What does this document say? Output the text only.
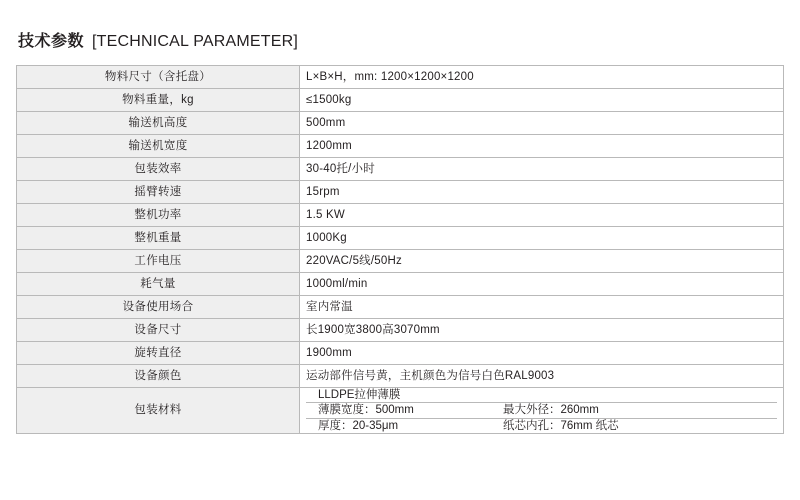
技术参数 [TECHNICAL PARAMETER]
物料尺寸（含托盘）	L×B×H，mm: 1200×1200×1200
物料重量，kg	≤1500kg
输送机高度	500mm
输送机宽度	1200mm
包装效率	30-40托/小时
摇臂转速	15rpm
整机功率	1.5 KW
整机重量	1000Kg
工作电压	220VAC/5线/50Hz
耗气量	1000ml/min
设备使用场合	室内常温
设备尺寸	长1900宽3800高3070mm
旋转直径	1900mm
设备颜色	运动部件信号黄，主机颜色为信号白色RAL9003
包装材料	LLDPE拉伸薄膜
薄膜宽度：500mm 最大外径：260mm
厚度：20-35μm 纸芯内孔：76mm 纸芯
